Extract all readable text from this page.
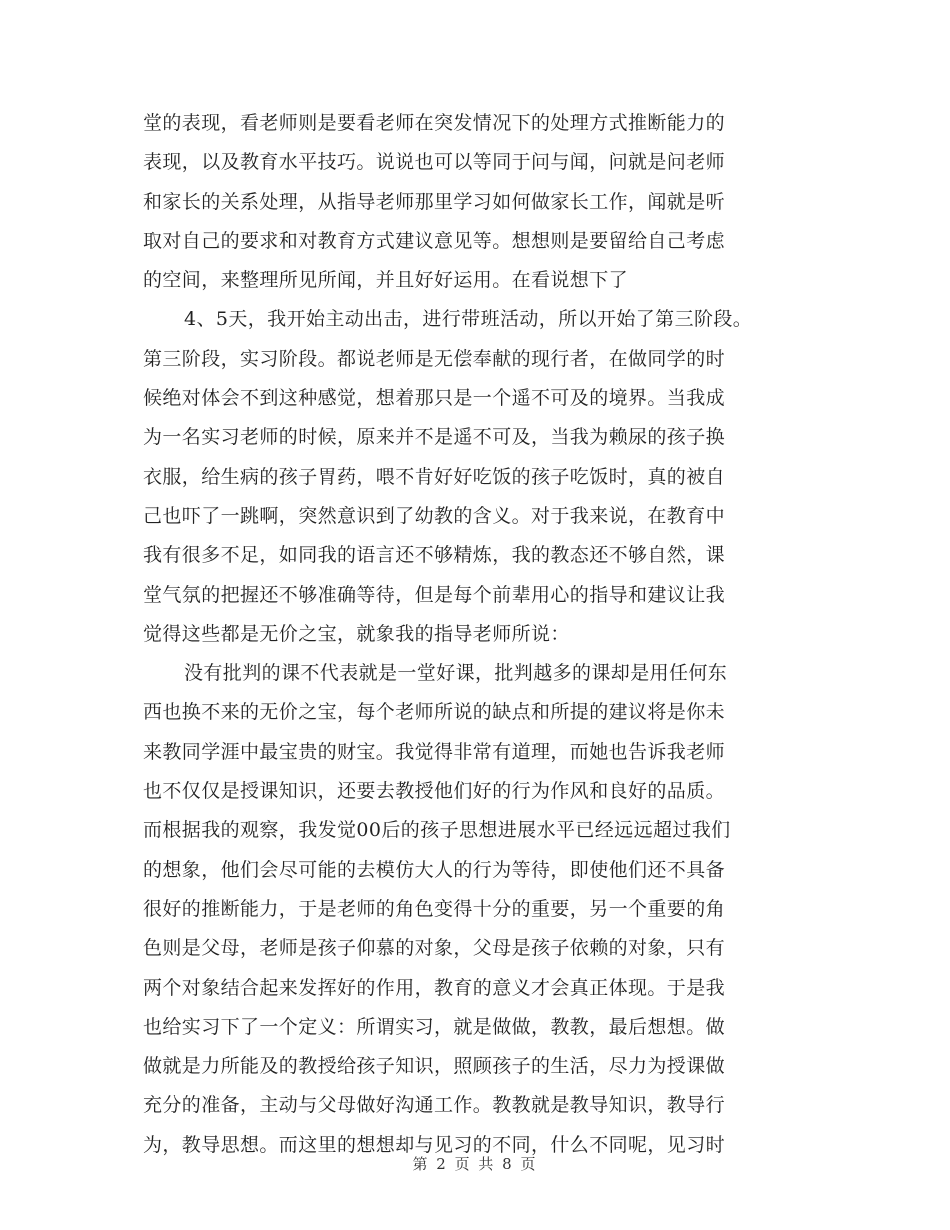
堂的表现，看老师则是要看老师在突发情况下的处理方式推断能力的
表现，以及教育水平技巧。说说也可以等同于问与闻，问就是问老师
和家长的关系处理，从指导老师那里学习如何做家长工作，闻就是听
取对自己的要求和对教育方式建议意见等。想想则是要留给自己考虑
的空间，来整理所见所闻，并且好好运用。在看说想下了
4、5天，我开始主动出击，进行带班活动，所以开始了第三阶段。
第三阶段，实习阶段。都说老师是无偿奉献的现行者，在做同学的时
候绝对体会不到这种感觉，想着那只是一个遥不可及的境界。当我成
为一名实习老师的时候，原来并不是遥不可及，当我为赖尿的孩子换
衣服，给生病的孩子胃药，喂不肯好好吃饭的孩子吃饭时，真的被自
己也吓了一跳啊，突然意识到了幼教的含义。对于我来说，在教育中
我有很多不足，如同我的语言还不够精炼，我的教态还不够自然，课
堂气氛的把握还不够准确等待，但是每个前辈用心的指导和建议让我
觉得这些都是无价之宝，就象我的指导老师所说：
没有批判的课不代表就是一堂好课，批判越多的课却是用任何东
西也换不来的无价之宝，每个老师所说的缺点和所提的建议将是你未
来教同学涯中最宝贵的财宝。我觉得非常有道理，而她也告诉我老师
也不仅仅是授课知识，还要去教授他们好的行为作风和良好的品质。
而根据我的观察，我发觉00后的孩子思想进展水平已经远远超过我们
的想象，他们会尽可能的去模仿大人的行为等待，即使他们还不具备
很好的推断能力，于是老师的角色变得十分的重要，另一个重要的角
色则是父母，老师是孩子仰慕的对象，父母是孩子依赖的对象，只有
两个对象结合起来发挥好的作用，教育的意义才会真正体现。于是我
也给实习下了一个定义：所谓实习，就是做做，教教，最后想想。做
做就是力所能及的教授给孩子知识，照顾孩子的生活，尽力为授课做
充分的准备，主动与父母做好沟通工作。教教就是教导知识，教导行
为，教导思想。而这里的想想却与见习的不同，什么不同呢，见习时
第 2 页 共 8 页
